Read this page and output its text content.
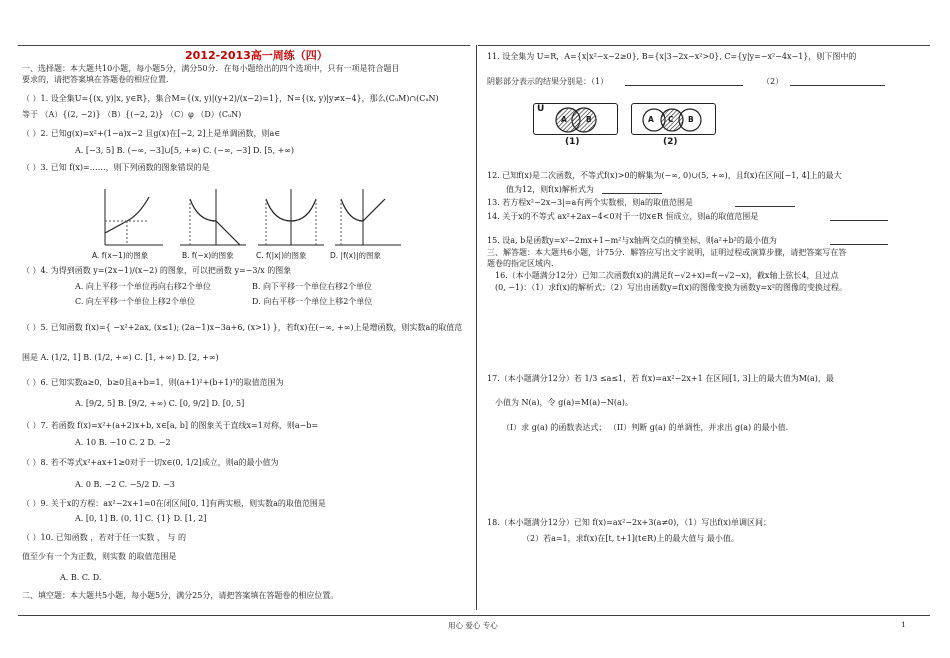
2012-2013高一周练（四）
一、选择题：本大题共10小题，每小题5分，满分50分．在每小题给出的四个选项中，只有一项是符合题目
要求的，请把答案填在答题卷的相应位置．
（ ）1. 设全集U={(x, y)|x, y∈R}，集合M={(x, y)|(y+2)/(x−2)=1}，N={(x, y)|y≠x−4}，那么(CᵤM)∩(CᵤN)
等于 （A）{(2, −2)} （B）{(−2, 2)} （C）φ （D）(CᵤN)
（ ）2. 已知g(x)=x²+(1−a)x−2 且g(x)在[−2, 2]上是单调函数，则a∈
A. [−3, 5] B. (−∞, −3]∪[5, +∞) C. (−∞, −3] D. [5, +∞)
（ ）3. 已知 f(x)=……，则下列函数的图象错误的是
A. f(x−1)的图象	B. f(−x)的图象	C. f(|x|)的图象	D. |f(x)|的图象
（ ）4. 为得到函数 y=(2x−1)/(x−2) 的图象，可以把函数 y=−3/x 的图象
A. 向上平移一个单位再向右移2个单位	B. 向下平移一个单位右移2个单位
C. 向左平移一个单位上移2个单位	D. 向右平移一个单位上移2个单位
（ ）5. 已知函数 f(x)={ −x²+2ax, (x≤1); (2a−1)x−3a+6, (x>1) }，若f(x)在(−∞, +∞)上是增函数，则实数a的取值范
围是 A. (1/2, 1] B. (1/2, +∞) C. [1, +∞) D. [2, +∞)
（ ）6. 已知实数a≥0，b≥0且a+b=1，则(a+1)²+(b+1)²的取值范围为
A. [9/2, 5] B. [9/2, +∞) C. [0, 9/2] D. [0, 5]
（ ）7. 若函数 f(x)=x²+(a+2)x+b, x∈[a, b] 的图象关于直线x=1对称，则a−b=
A. 10 B. −10 C. 2 D. −2
（ ）8. 若不等式x²+ax+1≥0对于一切x∈(0, 1/2]成立，则a的最小值为
A. 0 B. −2 C. −5/2 D. −3
（ ）9. 关于x的方程：ax²−2x+1=0在闭区间[0, 1]有两实根，则实数a的取值范围是
A. [0, 1] B. (0, 1] C. {1} D. [1, 2]
（ ）10. 已知函数 ，若对于任一实数 ， 与 的
值至少有一个为正数，则实数 的取值范围是
A. B. C. D.
二、填空题：本大题共5小题，每小题5分，满分25分，请把答案填在答题卷的相应位置。
11. 设全集为 U=R，A={x|x²−x−2≥0}, B={x|3−2x−x²>0}, C={y|y=−x²−4x−1}，则下图中的
阴影部分表示的结果分别是：（1）	（2）
U
A	B
(1)
A C B
(2)
12. 已知f(x)是二次函数，不等式f(x)>0的解集为(−∞, 0)∪(5, +∞)，且f(x)在区间[−1, 4]上的最大
值为12，则f(x)解析式为
13. 若方程x²−2x−3|=a有两个实数根，则a的取值范围是
14. 关于x的不等式 ax²+2ax−4<0对于一切x∈R 恒成立，则a的取值范围是
15. 设a, b是函数y=x²−2mx+1−m²与x轴两交点的横坐标，则a²+b²的最小值为
三、解答题：本大题共6小题，计75分．解答应写出文字说明，证明过程或演算步骤，请把答案写在答
题卷的指定区域内．
16.（本小题满分12分）已知二次函数f(x)的满足f(−√2+x)=f(−√2−x)，截x轴上弦长4，且过点
(0, −1)：（1）求f(x)的解析式；（2）写出由函数y=f(x)的图像变换为函数y=x²的图像的变换过程。
17.（本小题满分12分）若 1/3 ≤a≤1，若 f(x)=ax²−2x+1 在区间[1, 3]上的最大值为M(a)，最
小值为 N(a)，令 g(a)=M(a)−N(a)。
（I）求 g(a) 的函数表达式； （II）判断 g(a) 的单调性，并求出 g(a) 的最小值.
18.（本小题满分12分）已知 f(x)=ax²−2x+3(a≠0)，（1）写出f(x)单调区间；
（2）若a=1，求f(x)在[t, t+1](t∈R)上的最大值与 最小值。
用心 爱心 专心	1
